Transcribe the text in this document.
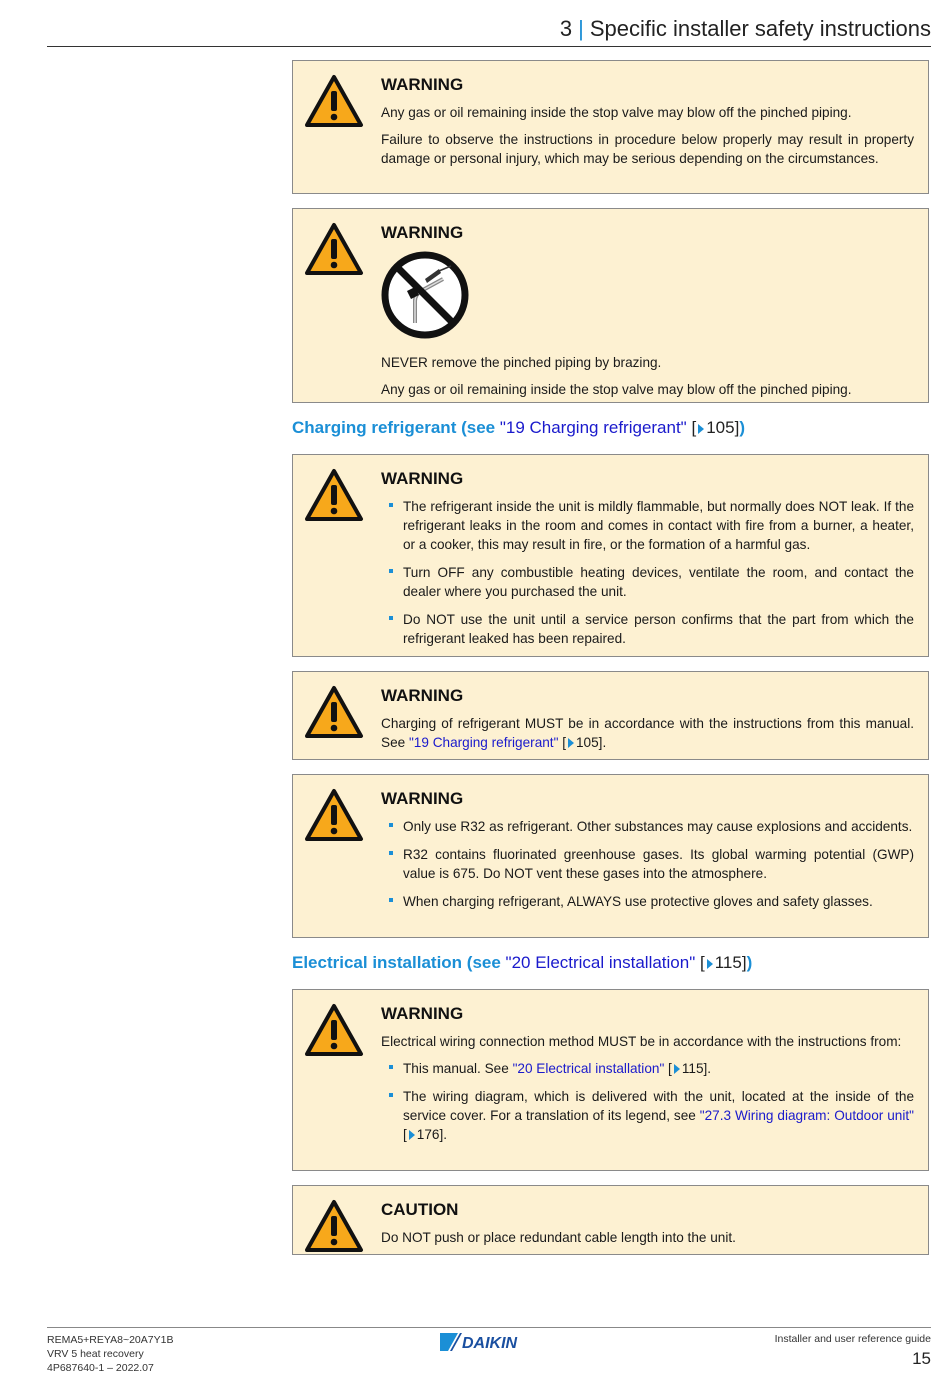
3 | Specific installer safety instructions
WARNING

Any gas or oil remaining inside the stop valve may blow off the pinched piping.

Failure to observe the instructions in procedure below properly may result in property damage or personal injury, which may be serious depending on the circumstances.

WARNING

NEVER remove the pinched piping by brazing.

Any gas or oil remaining inside the stop valve may blow off the pinched piping.

Charging refrigerant (see "19 Charging refrigerant" [ 105])
WARNING
The refrigerant inside the unit is mildly flammable, but normally does NOT leak. If the refrigerant leaks in the room and comes in contact with fire from a burner, a heater, or a cooker, this may result in fire, or the formation of a harmful gas.
Turn OFF any combustible heating devices, ventilate the room, and contact the dealer where you purchased the unit.
Do NOT use the unit until a service person confirms that the part from which the refrigerant leaked has been repaired.
WARNING

Charging of refrigerant MUST be in accordance with the instructions from this manual. See "19 Charging refrigerant" [ 105].

WARNING
Only use R32 as refrigerant. Other substances may cause explosions and accidents.
R32 contains fluorinated greenhouse gases. Its global warming potential (GWP) value is 675. Do NOT vent these gases into the atmosphere.
When charging refrigerant, ALWAYS use protective gloves and safety glasses.
Electrical installation (see "20 Electrical installation" [ 115])
WARNING

Electrical wiring connection method MUST be in accordance with the instructions from:

This manual. See "20 Electrical installation" [ 115].
The wiring diagram, which is delivered with the unit, located at the inside of the service cover. For a translation of its legend, see "27.3 Wiring diagram: Outdoor unit" [ 176].
CAUTION

Do NOT push or place redundant cable length into the unit.

REMA5+REYA8~20A7Y1B
VRV 5 heat recovery
4P687640-1 – 2022.07
DAIKIN	Installer and user reference guide
15
